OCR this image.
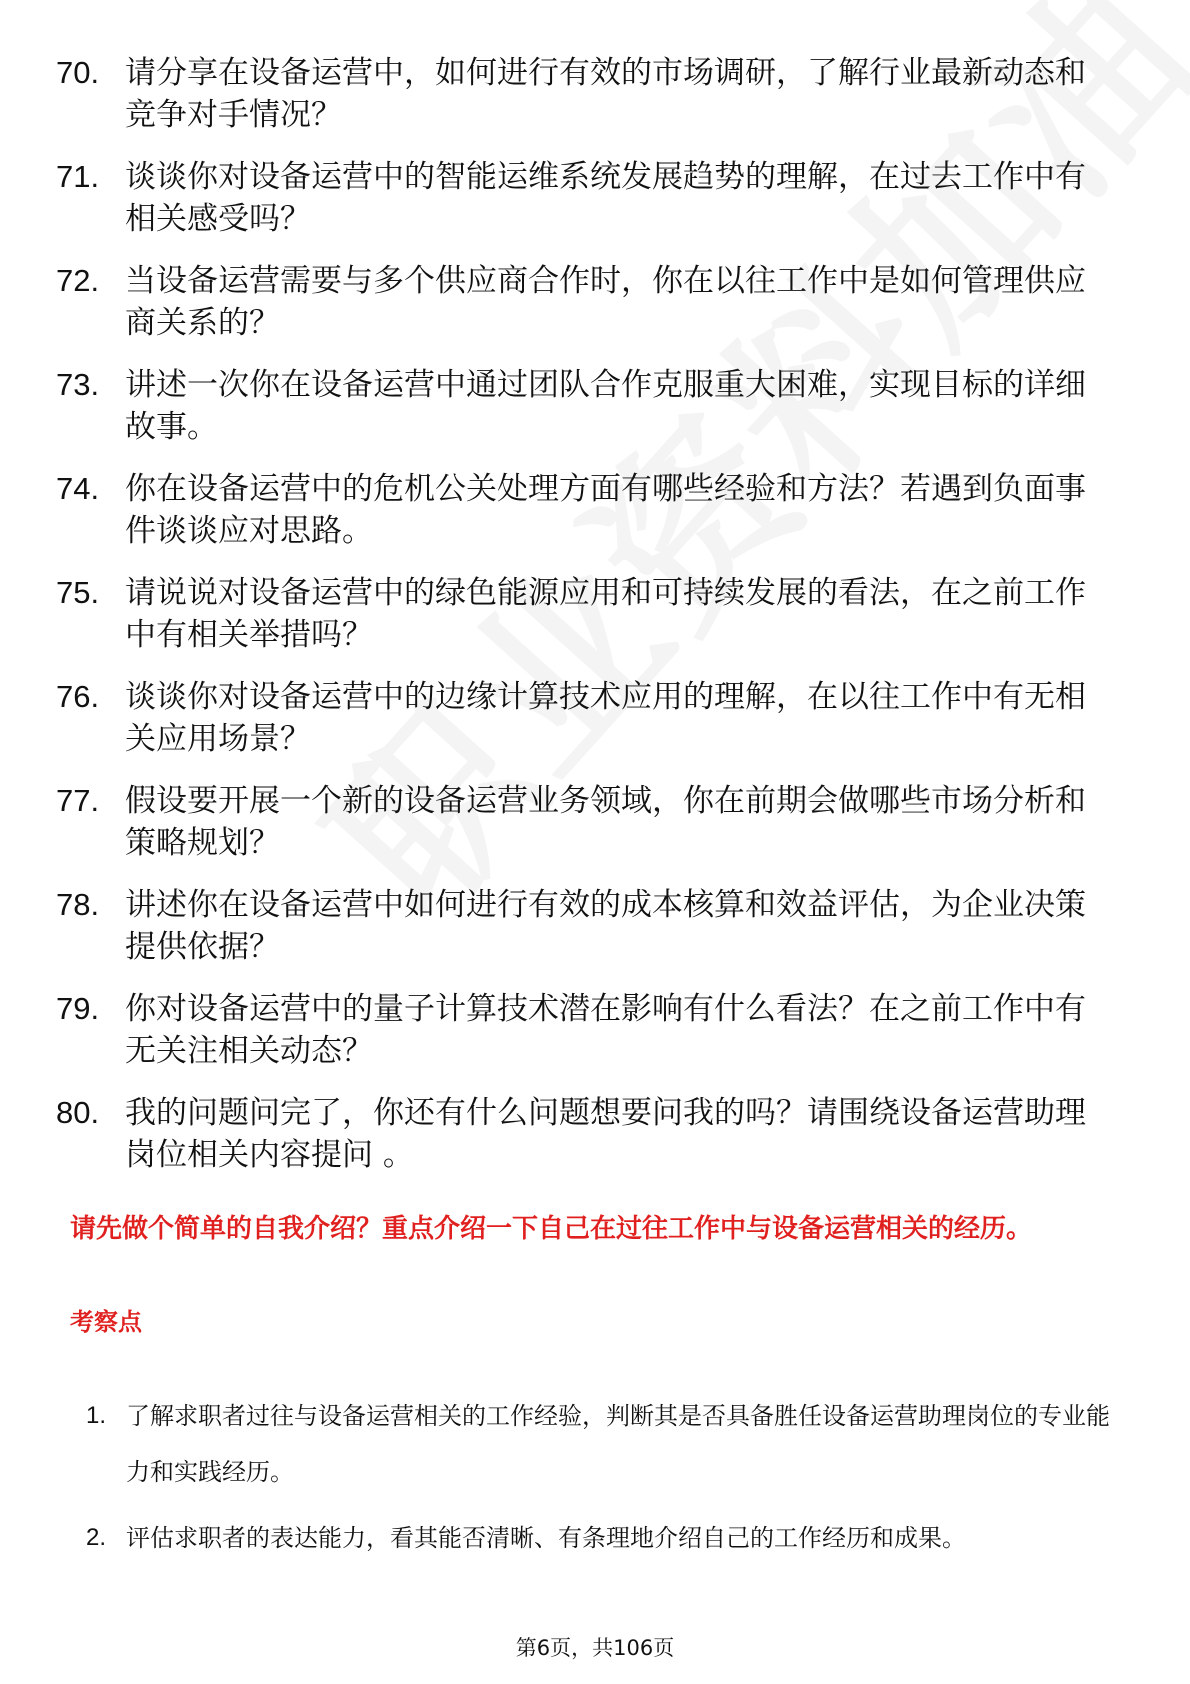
70. 请分享在设备运营中，如何进行有效的市场调研，了解行业最新动态和竞争对手情况？
71. 谈谈你对设备运营中的智能运维系统发展趋势的理解，在过去工作中有相关感受吗？
72. 当设备运营需要与多个供应商合作时，你在以往工作中是如何管理供应商关系的？
73. 讲述一次你在设备运营中通过团队合作克服重大困难，实现目标的详细故事。
74. 你在设备运营中的危机公关处理方面有哪些经验和方法？若遇到负面事件谈谈应对思路。
75. 请说说对设备运营中的绿色能源应用和可持续发展的看法，在之前工作中有相关举措吗？
76. 谈谈你对设备运营中的边缘计算技术应用的理解，在以往工作中有无相关应用场景？
77. 假设要开展一个新的设备运营业务领域，你在前期会做哪些市场分析和策略规划？
78. 讲述你在设备运营中如何进行有效的成本核算和效益评估，为企业决策提供依据？
79. 你对设备运营中的量子计算技术潜在影响有什么看法？在之前工作中有无关注相关动态？
80. 我的问题问完了，你还有什么问题想要问我的吗？请围绕设备运营助理岗位相关内容提问 。
请先做个简单的自我介绍？重点介绍一下自己在过往工作中与设备运营相关的经历。
考察点
1. 了解求职者过往与设备运营相关的工作经验，判断其是否具备胜任设备运营助理岗位的专业能力和实践经历。
2. 评估求职者的表达能力，看其能否清晰、有条理地介绍自己的工作经历和成果。
第6页，共106页
